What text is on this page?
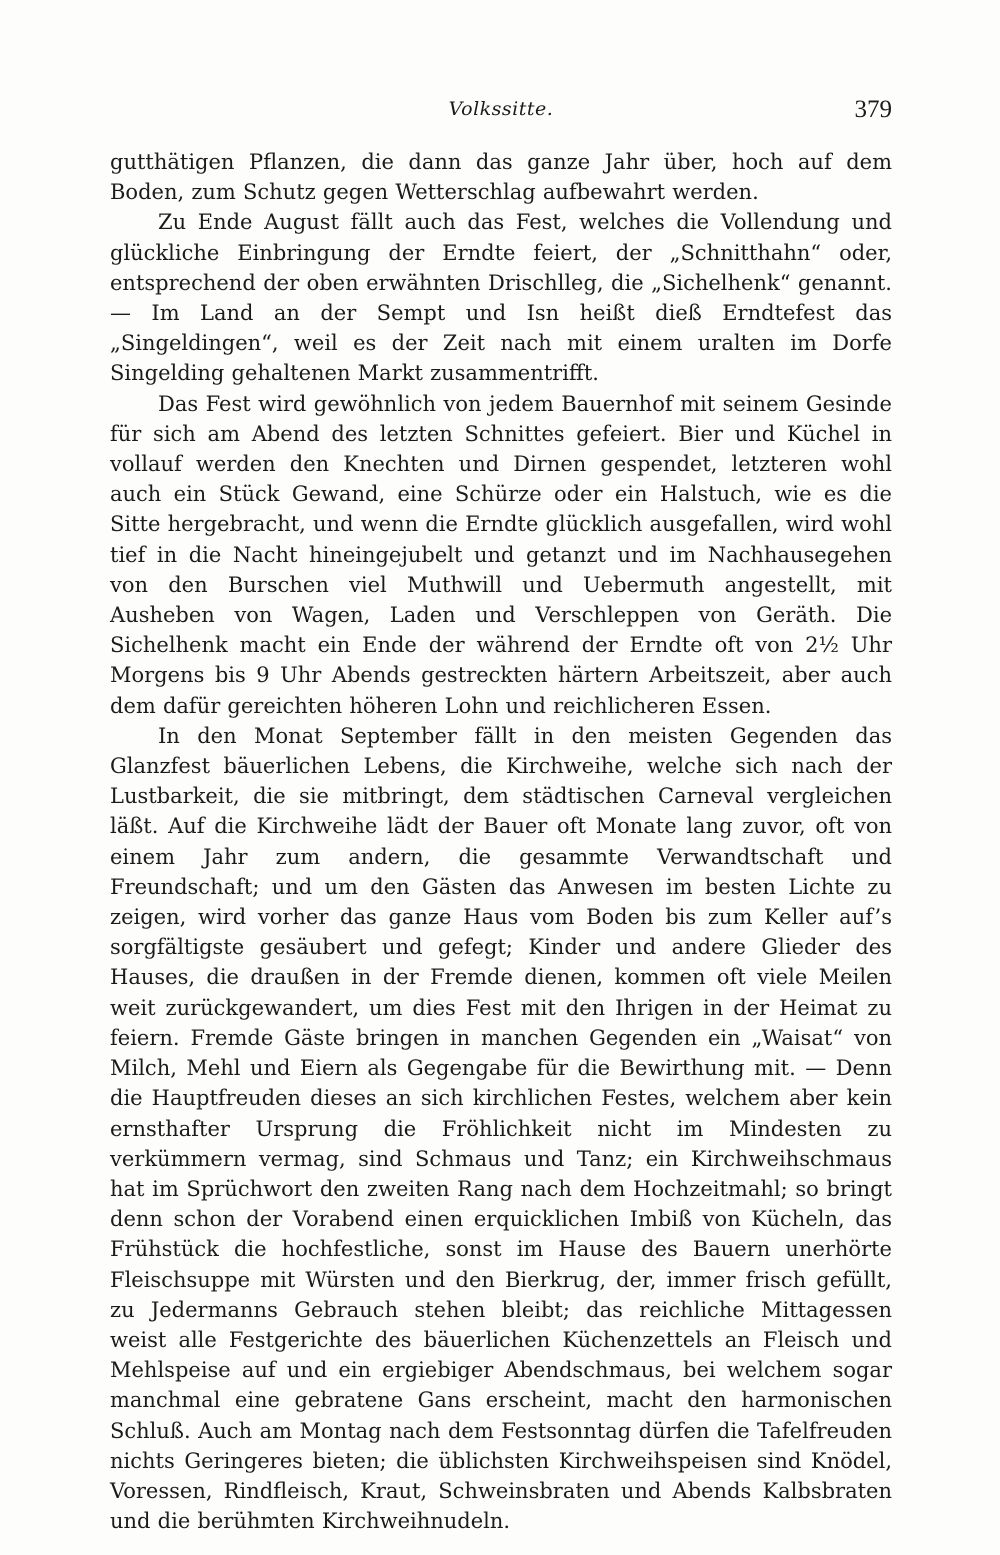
Volkssitte.	379

gutthätigen Pflanzen, die dann das ganze Jahr über, hoch auf dem Boden, zum Schutz gegen Wetterschlag aufbewahrt werden.

Zu Ende August fällt auch das Fest, welches die Vollendung und glückliche Einbringung der Erndte feiert, der „Schnitthahn“ oder, entsprechend der oben erwähnten Drischlleg, die „Sichelhenk“ genannt. — Im Land an der Sempt und Isn heißt dieß Erndtefest das „Singeldingen“, weil es der Zeit nach mit einem uralten im Dorfe Singelding gehaltenen Markt zusammentrifft.

Das Fest wird gewöhnlich von jedem Bauernhof mit seinem Gesinde für sich am Abend des letzten Schnittes gefeiert. Bier und Küchel in vollauf werden den Knechten und Dirnen gespendet, letzteren wohl auch ein Stück Gewand, eine Schürze oder ein Halstuch, wie es die Sitte hergebracht, und wenn die Erndte glücklich ausgefallen, wird wohl tief in die Nacht hineingejubelt und getanzt und im Nachhausegehen von den Burschen viel Muthwill und Uebermuth angestellt, mit Ausheben von Wagen, Laden und Verschleppen von Geräth. Die Sichelhenk macht ein Ende der während der Erndte oft von 2½ Uhr Morgens bis 9 Uhr Abends gestreckten härtern Arbeitszeit, aber auch dem dafür gereichten höheren Lohn und reichlicheren Essen.

In den Monat September fällt in den meisten Gegenden das Glanzfest bäuerlichen Lebens, die Kirchweihe, welche sich nach der Lustbarkeit, die sie mitbringt, dem städtischen Carneval vergleichen läßt. Auf die Kirchweihe lädt der Bauer oft Monate lang zuvor, oft von einem Jahr zum andern, die gesammte Verwandtschaft und Freundschaft; und um den Gästen das Anwesen im besten Lichte zu zeigen, wird vorher das ganze Haus vom Boden bis zum Keller auf’s sorgfältigste gesäubert und gefegt; Kinder und andere Glieder des Hauses, die draußen in der Fremde dienen, kommen oft viele Meilen weit zurückgewandert, um dies Fest mit den Ihrigen in der Heimat zu feiern. Fremde Gäste bringen in manchen Gegenden ein „Waisat“ von Milch, Mehl und Eiern als Gegengabe für die Bewirthung mit. — Denn die Hauptfreuden dieses an sich kirchlichen Festes, welchem aber kein ernsthafter Ursprung die Fröhlichkeit nicht im Mindesten zu verkümmern vermag, sind Schmaus und Tanz; ein Kirchweihschmaus hat im Sprüchwort den zweiten Rang nach dem Hochzeitmahl; so bringt denn schon der Vorabend einen erquicklichen Imbiß von Kücheln, das Frühstück die hochfestliche, sonst im Hause des Bauern unerhörte Fleischsuppe mit Würsten und den Bierkrug, der, immer frisch gefüllt, zu Jedermanns Gebrauch stehen bleibt; das reichliche Mittagessen weist alle Festgerichte des bäuerlichen Küchenzettels an Fleisch und Mehlspeise auf und ein ergiebiger Abendschmaus, bei welchem sogar manchmal eine gebratene Gans erscheint, macht den harmonischen Schluß. Auch am Montag nach dem Festsonntag dürfen die Tafelfreuden nichts Geringeres bieten; die üblichsten Kirchweihspeisen sind Knödel, Voressen, Rindfleisch, Kraut, Schweinsbraten und Abends Kalbsbraten und die berühmten Kirchweihnudeln.
